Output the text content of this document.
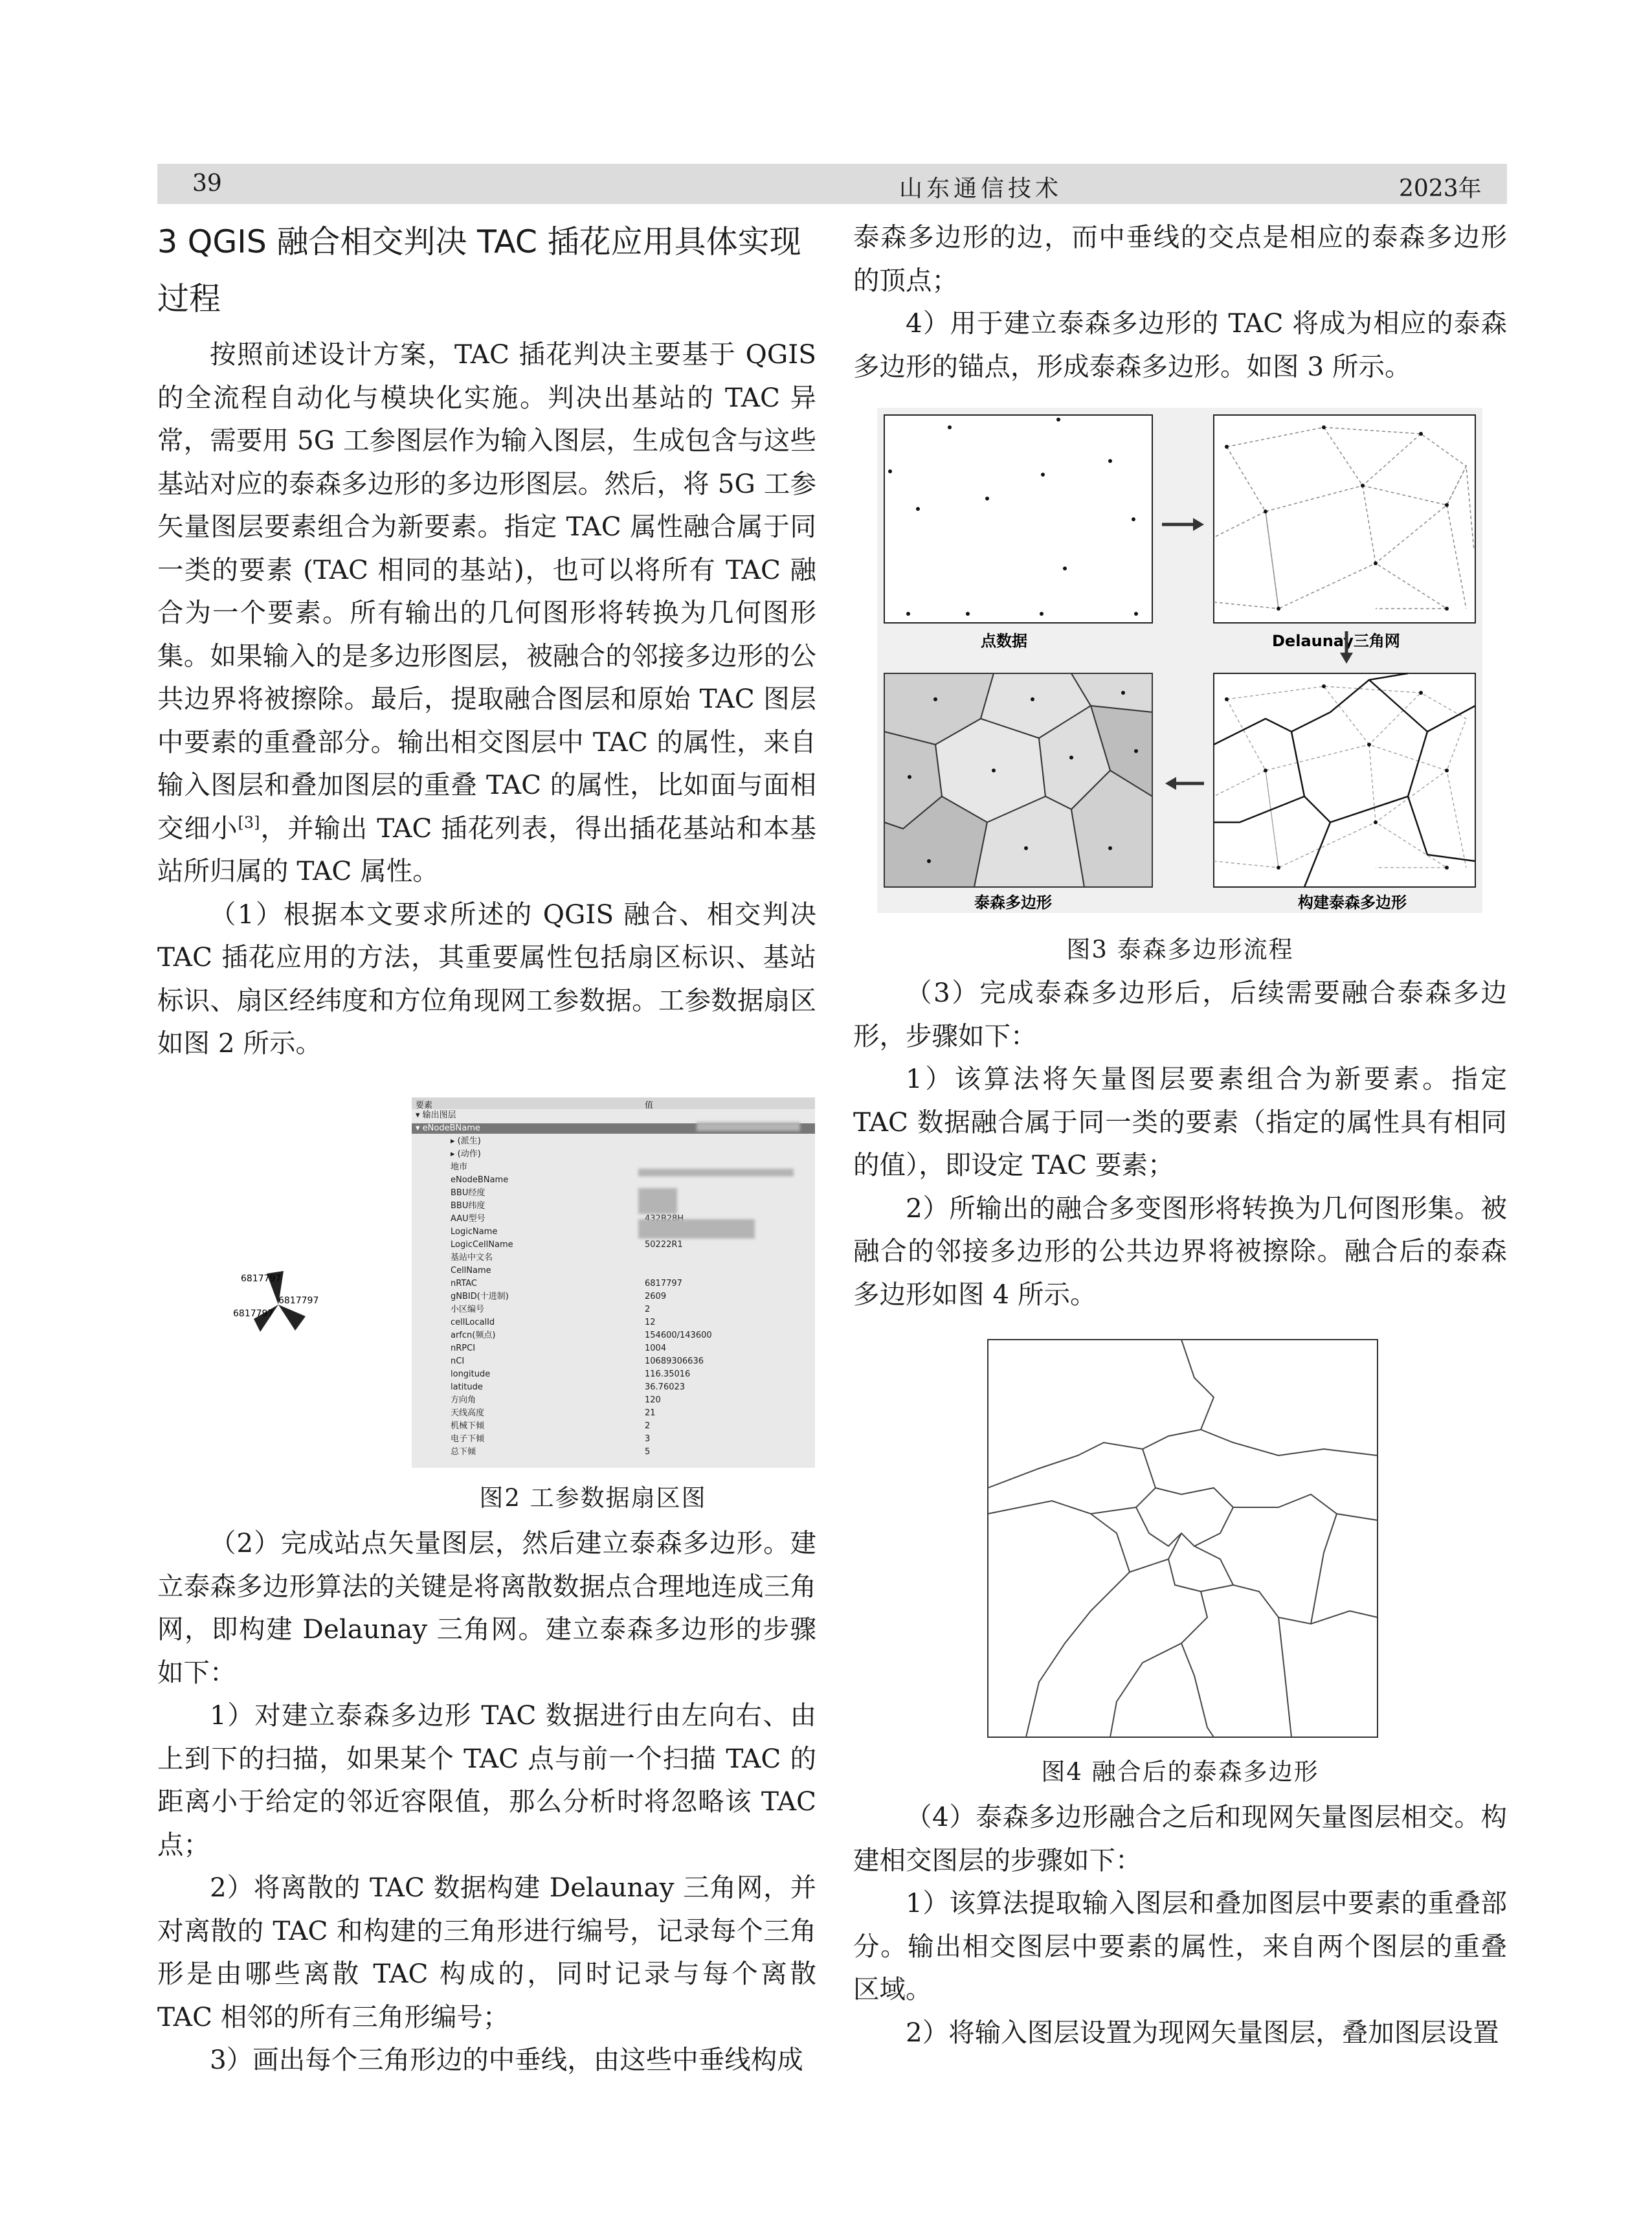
39	山东通信技术	2023年
3 QGIS 融合相交判决 TAC 插花应用具体实现过程

按照前述设计方案，TAC 插花判决主要基于 QGIS 的全流程自动化与模块化实施。判决出基站的 TAC 异常，需要用 5G 工参图层作为输入图层，生成包含与这些基站对应的泰森多边形的多边形图层。然后，将 5G 工参矢量图层要素组合为新要素。指定 TAC 属性融合属于同一类的要素 (TAC 相同的基站)，也可以将所有 TAC 融合为一个要素。所有输出的几何图形将转换为几何图形集。如果输入的是多边形图层，被融合的邻接多边形的公共边界将被擦除。最后，提取融合图层和原始 TAC 图层中要素的重叠部分。输出相交图层中 TAC 的属性，来自输入图层和叠加图层的重叠 TAC 的属性，比如面与面相交细小[3]，并输出 TAC 插花列表，得出插花基站和本基站所归属的 TAC 属性。

（1）根据本文要求所述的 QGIS 融合、相交判决 TAC 插花应用的方法，其重要属性包括扇区标识、基站标识、扇区经纬度和方位角现网工参数据。工参数据扇区如图 2 所示。

6817797
6817797
6817797
要素	值
▾ 输出图层
▾ eNodeBName
▸ (派生)
▸ (动作)
地市
eNodeBName
BBU经度
BBU纬度
AAU型号
LogicName
LogicCellName	50222R1
基站中文名
CellName
nRTAC	6817797
gNBID(十进制)	2609
小区编号	2
cellLocalId	12
arfcn(频点)	154600/143600
nRPCI	1004
nCI	10689306636
longitude	116.35016
latitude	36.76023
方向角	120
天线高度	21
机械下倾	2
电子下倾	3
总下倾	5
图2 工参数据扇区图

（2）完成站点矢量图层，然后建立泰森多边形。建立泰森多边形算法的关键是将离散数据点合理地连成三角网，即构建 Delaunay 三角网。建立泰森多边形的步骤如下：

1）对建立泰森多边形 TAC 数据进行由左向右、由上到下的扫描，如果某个 TAC 点与前一个扫描 TAC 的距离小于给定的邻近容限值，那么分析时将忽略该 TAC 点；

2）将离散的 TAC 数据构建 Delaunay 三角网，并对离散的 TAC 和构建的三角形进行编号，记录每个三角形是由哪些离散 TAC 构成的，同时记录与每个离散 TAC 相邻的所有三角形编号；

3）画出每个三角形边的中垂线，由这些中垂线构成

泰森多边形的边，而中垂线的交点是相应的泰森多边形的顶点；

4）用于建立泰森多边形的 TAC 将成为相应的泰森多边形的锚点，形成泰森多边形。如图 3 所示。

点数据	Delaunay三角网
泰森多边形	构建泰森多边形
图3 泰森多边形流程

（3）完成泰森多边形后，后续需要融合泰森多边形，步骤如下：

1）该算法将矢量图层要素组合为新要素。指定 TAC 数据融合属于同一类的要素（指定的属性具有相同的值），即设定 TAC 要素；

2）所输出的融合多变图形将转换为几何图形集。被融合的邻接多边形的公共边界将被擦除。融合后的泰森多边形如图 4 所示。

图4 融合后的泰森多边形

（4）泰森多边形融合之后和现网矢量图层相交。构建相交图层的步骤如下：

1）该算法提取输入图层和叠加图层中要素的重叠部分。输出相交图层中要素的属性，来自两个图层的重叠区域。

2）将输入图层设置为现网矢量图层，叠加图层设置
